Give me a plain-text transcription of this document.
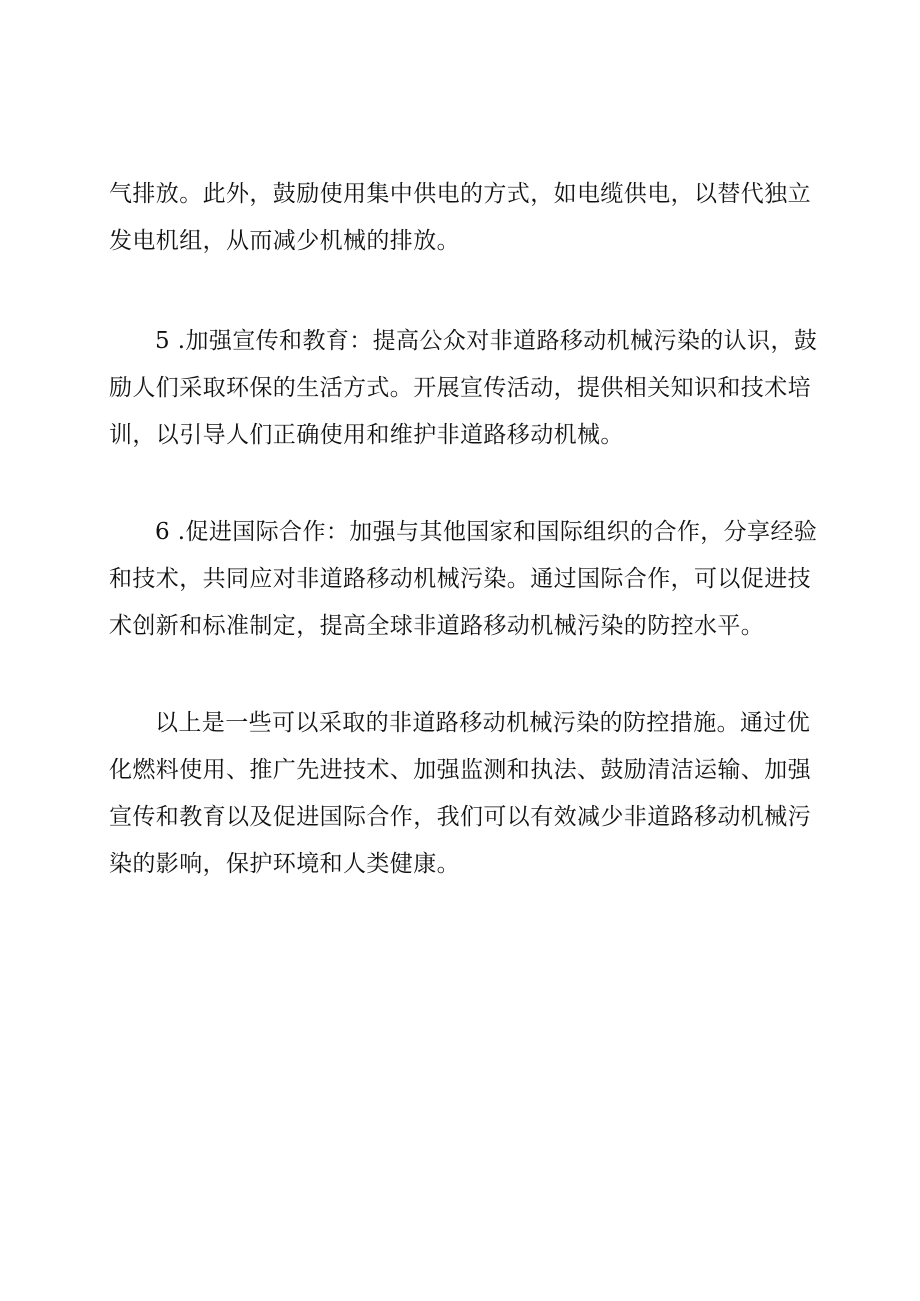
气排放。此外，鼓励使用集中供电的方式，如电缆供电，以替代独立
发电机组，从而减少机械的排放。

5 .加强宣传和教育：提高公众对非道路移动机械污染的认识，鼓
励人们采取环保的生活方式。开展宣传活动，提供相关知识和技术培
训，以引导人们正确使用和维护非道路移动机械。

6 .促进国际合作：加强与其他国家和国际组织的合作，分享经验
和技术，共同应对非道路移动机械污染。通过国际合作，可以促进技
术创新和标准制定，提高全球非道路移动机械污染的防控水平。

以上是一些可以采取的非道路移动机械污染的防控措施。通过优
化燃料使用、推广先进技术、加强监测和执法、鼓励清洁运输、加强
宣传和教育以及促进国际合作，我们可以有效减少非道路移动机械污
染的影响，保护环境和人类健康。
